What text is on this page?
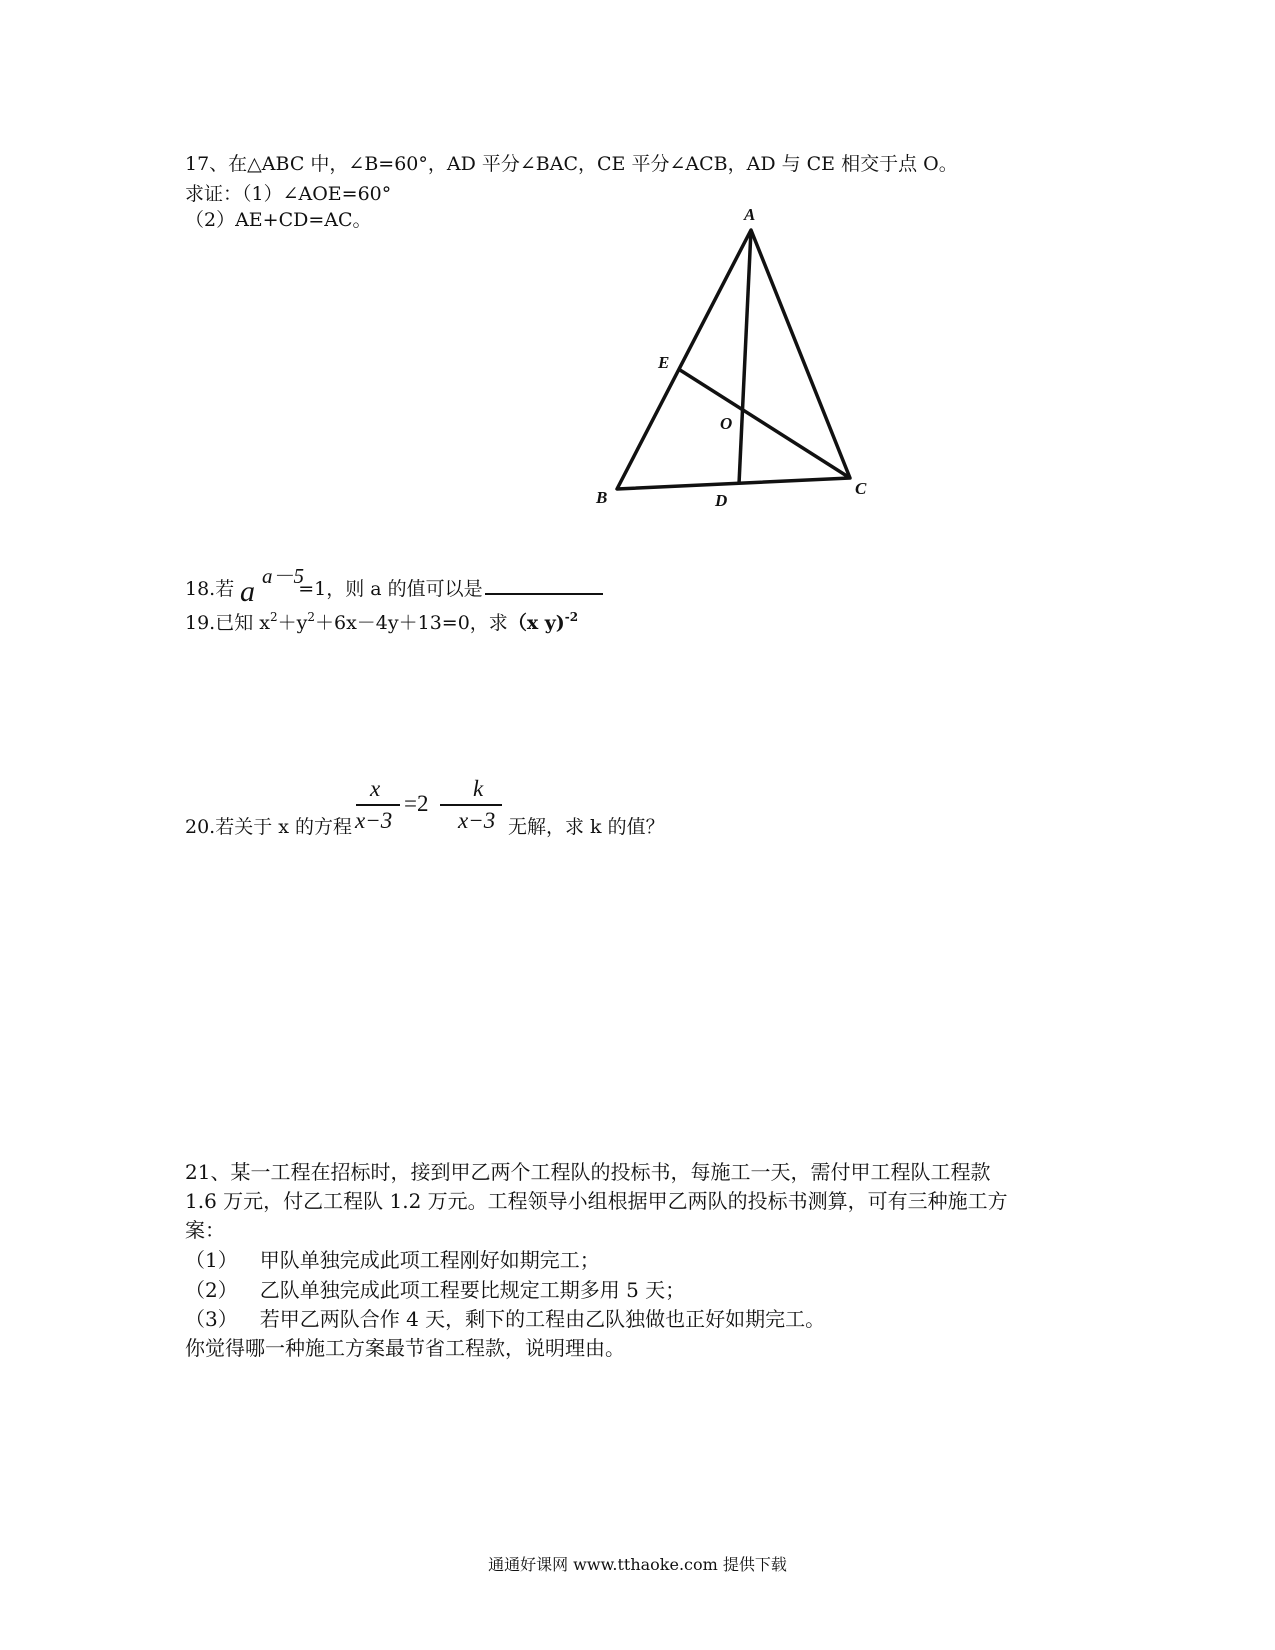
17、在△ABC 中，∠B=60°，AD 平分∠BAC，CE 平分∠ACB，AD 与 CE 相交于点 O。
求证：（1）∠AOE=60°
（2）AE+CD=AC。	A
E
O
B	D
C
18.若	=1，则 a 的值可以是
a a－5
19.已知 $x^2+y^2+6x-4y+13=0$，求（x y)$^{-2}$
20.若关于 x 的方程	无解，求 k 的值？
x
x−3
=2
k
x−3
21、某一工程在招标时，接到甲乙两个工程队的投标书，每施工一天，需付甲工程队工程款
1.6 万元，付乙工程队 1.2 万元。工程领导小组根据甲乙两队的投标书测算，可有三种施工方
案：
（1） 甲队单独完成此项工程刚好如期完工；
（2） 乙队单独完成此项工程要比规定工期多用 5 天；
（3） 若甲乙两队合作 4 天，剩下的工程由乙队独做也正好如期完工。
你觉得哪一种施工方案最节省工程款，说明理由。
通通好课网 www.tthaoke.com 提供下载
